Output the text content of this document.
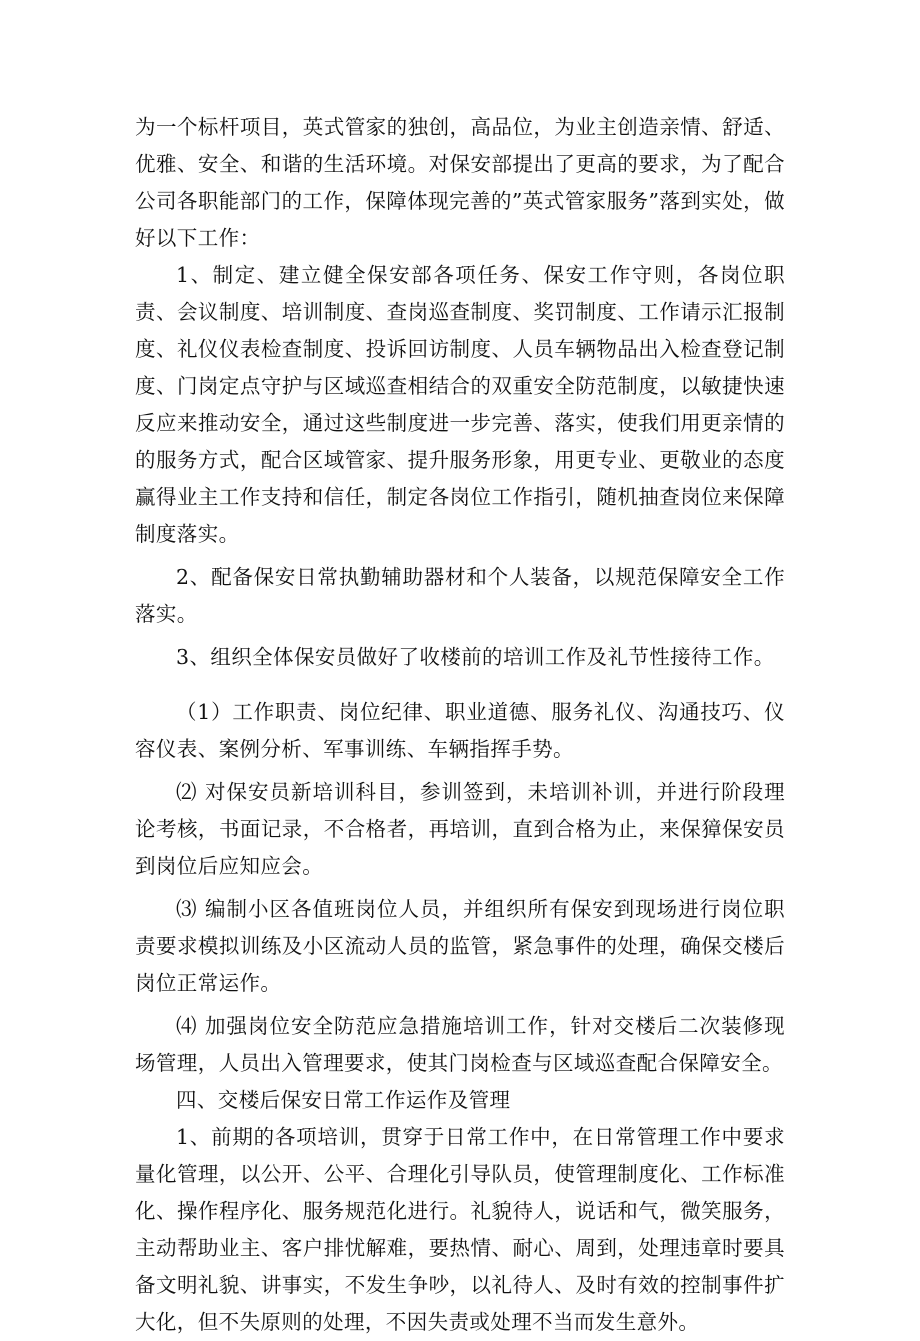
为一个标杆项目，英式管家的独创，高品位，为业主创造亲情、舒适、优雅、安全、和谐的生活环境。对保安部提出了更高的要求，为了配合公司各职能部门的工作，保障体现完善的”英式管家服务”落到实处，做好以下工作：

1、制定、建立健全保安部各项任务、保安工作守则，各岗位职责、会议制度、培训制度、查岗巡查制度、奖罚制度、工作请示汇报制度、礼仪仪表检查制度、投诉回访制度、人员车辆物品出入检查登记制度、门岗定点守护与区域巡查相结合的双重安全防范制度，以敏捷快速反应来推动安全，通过这些制度进一步完善、落实，使我们用更亲情的的服务方式，配合区域管家、提升服务形象，用更专业、更敬业的态度赢得业主工作支持和信任，制定各岗位工作指引，随机抽查岗位来保障制度落实。

2、配备保安日常执勤辅助器材和个人装备，以规范保障安全工作落实。

3、组织全体保安员做好了收楼前的培训工作及礼节性接待工作。

（1）工作职责、岗位纪律、职业道德、服务礼仪、沟通技巧、仪容仪表、案例分析、军事训练、车辆指挥手势。

⑵ 对保安员新培训科目，参训签到，未培训补训，并进行阶段理论考核，书面记录，不合格者，再培训，直到合格为止，来保獐保安员到岗位后应知应会。

⑶ 编制小区各值班岗位人员，并组织所有保安到现场进行岗位职责要求模拟训练及小区流动人员的监管，紧急事件的处理，确保交楼后岗位正常运作。

⑷ 加强岗位安全防范应急措施培训工作，针对交楼后二次装修现场管理，人员出入管理要求，使其门岗检查与区域巡查配合保障安全。

四、交楼后保安日常工作运作及管理

1、前期的各项培训，贯穿于日常工作中，在日常管理工作中要求量化管理，以公开、公平、合理化引导队员，使管理制度化、工作标准化、操作程序化、服务规范化进行。礼貌待人，说话和气，微笑服务，主动帮助业主、客户排忧解难，要热情、耐心、周到，处理违章时要具备文明礼貌、讲事实，不发生争吵，以礼待人、及时有效的控制事件扩大化，但不失原则的处理，不因失责或处理不当而发生意外。
